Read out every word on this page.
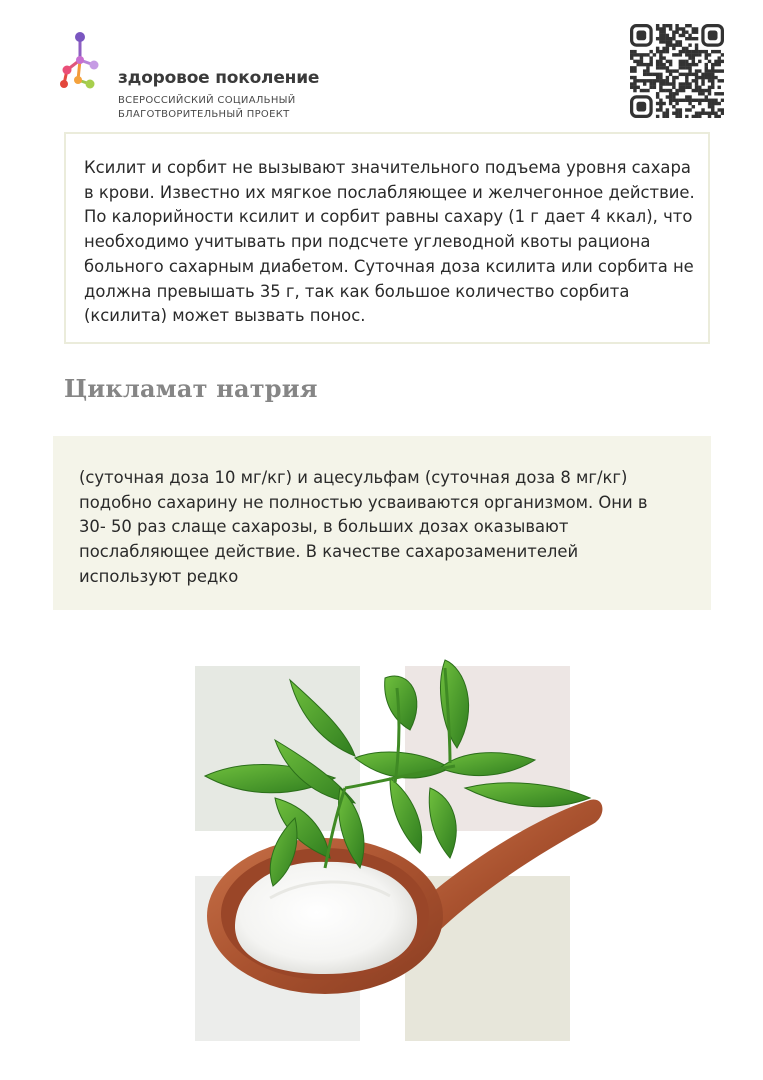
здоровое поколение
ВСЕРОССИЙСКИЙ СОЦИАЛЬНЫЙ
БЛАГОТВОРИТЕЛЬНЫЙ ПРОЕКТ

Ксилит и сорбит не вызывают значительного подъема уровня сахара в крови. Известно их мягкое послабляющее и желчегонное действие. По калорийности ксилит и сорбит равны сахару (1 г дает 4 ккал), что необходимо учитывать при подсчете углеводной квоты рациона больного сахарным диабетом. Суточная доза ксилита или сорбита не должна превышать 35 г, так как большое количество сорбита (ксилита) может вызвать понос.

Цикламат натрия

(суточная доза 10 мг/кг) и ацесульфам (суточная доза 8 мг/кг) подобно сахарину не полностью усваиваются организмом. Они в 30- 50 раз слаще сахарозы, в больших дозах оказывают послабляющее действие. В качестве сахарозаменителей используют редко
